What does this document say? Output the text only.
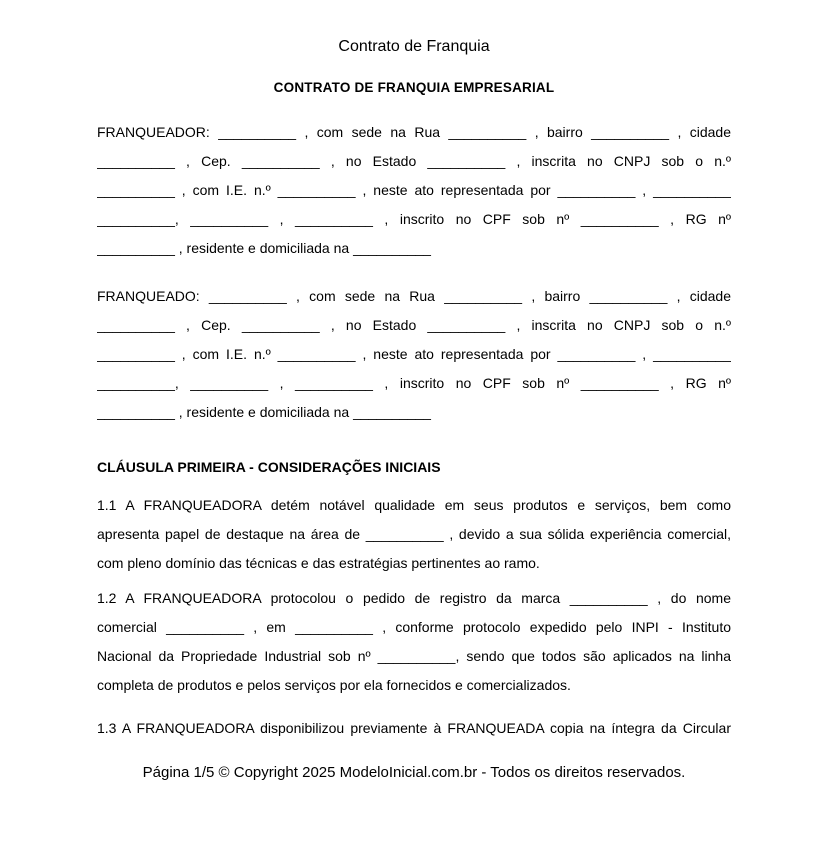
Contrato de Franquia
CONTRATO DE FRANQUIA EMPRESARIAL
FRANQUEADOR: __________ , com sede na Rua __________ , bairro __________ , cidade
__________ , Cep. __________ , no Estado __________ , inscrita no CNPJ sob o n.º
__________ , com I.E. n.º __________ , neste ato representada por __________ , __________
__________, __________ , __________ , inscrito no CPF sob nº __________ , RG nº
__________ , residente e domiciliada na __________
FRANQUEADO: __________ , com sede na Rua __________ , bairro __________ , cidade
__________ , Cep. __________ , no Estado __________ , inscrita no CNPJ sob o n.º
__________ , com I.E. n.º __________ , neste ato representada por __________ , __________
__________, __________ , __________ , inscrito no CPF sob nº __________ , RG nº
__________ , residente e domiciliada na __________
CLÁUSULA PRIMEIRA - CONSIDERAÇÕES INICIAIS
1.1 A FRANQUEADORA detém notável qualidade em seus produtos e serviços, bem como
apresenta papel de destaque na área de __________ , devido a sua sólida experiência comercial,
com pleno domínio das técnicas e das estratégias pertinentes ao ramo.
1.2 A FRANQUEADORA protocolou o pedido de registro da marca __________ , do nome
comercial __________ , em __________ , conforme protocolo expedido pelo INPI - Instituto
Nacional da Propriedade Industrial sob nº __________, sendo que todos são aplicados na linha
completa de produtos e pelos serviços por ela fornecidos e comercializados.
1.3 A FRANQUEADORA disponibilizou previamente à FRANQUEADA copia na íntegra da Circular
Página 1/5 © Copyright 2025 ModeloInicial.com.br - Todos os direitos reservados.
